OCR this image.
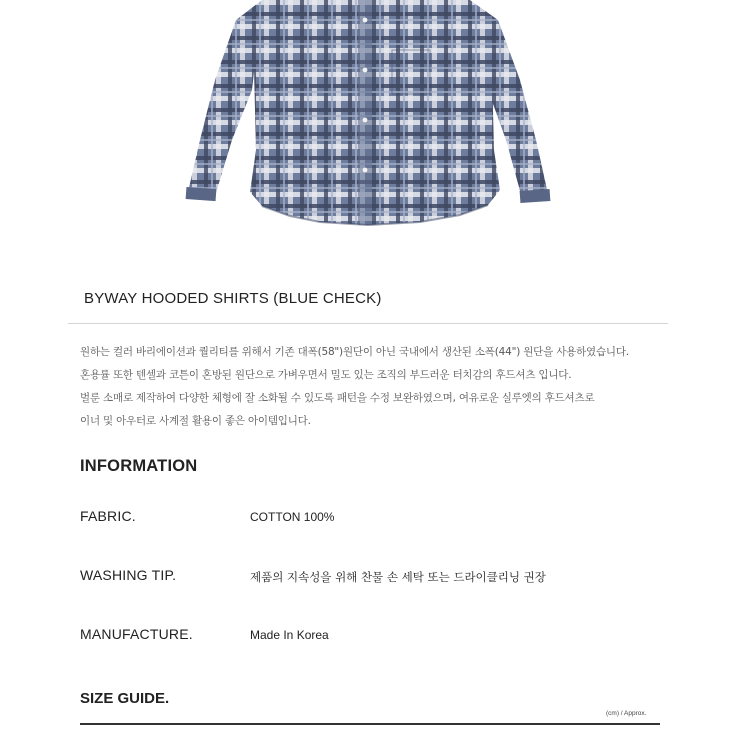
BYWAY HOODED SHIRTS (BLUE CHECK)
원하는 컬러 바리에이션과 퀄리티를 위해서 기존 대폭(58")원단이 아닌 국내에서 생산된 소폭(44") 원단을 사용하였습니다.
혼용률 또한 텐셀과 코튼이 혼방된 원단으로 가벼우면서 밀도 있는 조직의 부드러운 터치감의 후드셔츠 입니다.
벌룬 소매로 제작하여 다양한 체형에 잘 소화될 수 있도록 패턴을 수정 보완하였으며, 여유로운 실루엣의 후드셔츠로
이너 및 아우터로 사계절 활용이 좋은 아이템입니다.
INFORMATION
FABRIC.	COTTON 100%
WASHING TIP.	제품의 지속성을 위해 찬물 손 세탁 또는 드라이클리닝 권장
MANUFACTURE.	Made In Korea
SIZE GUIDE.
(cm) / Approx.
